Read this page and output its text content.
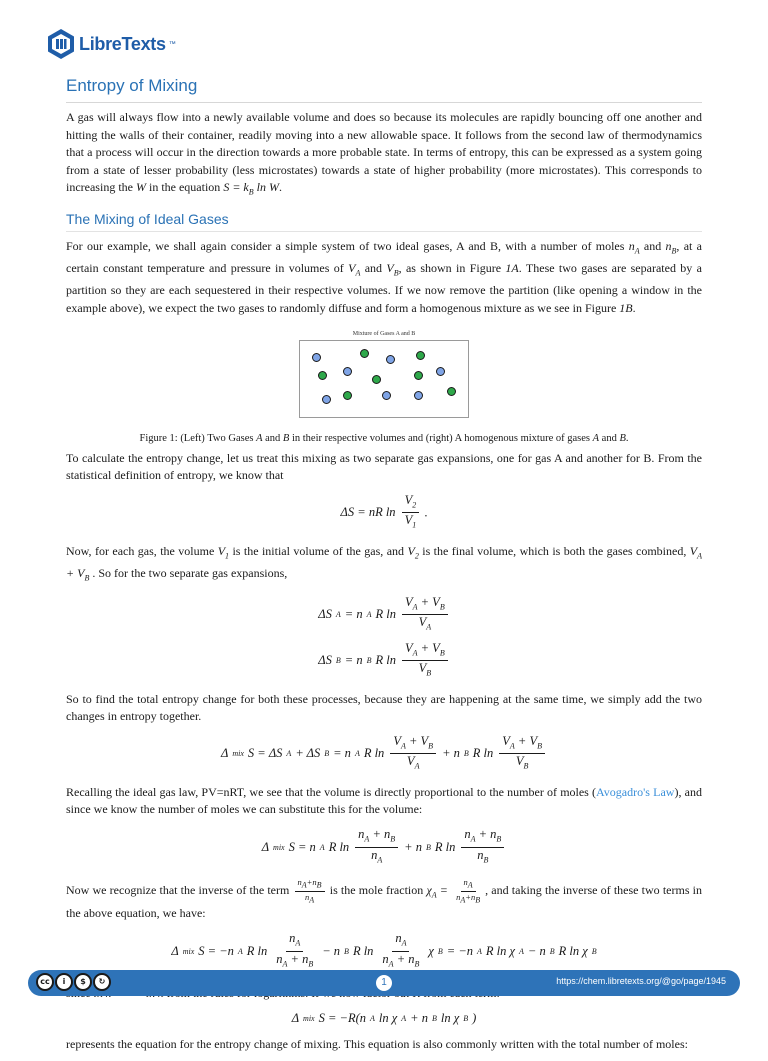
LibreTexts ™
Entropy of Mixing

A gas will always flow into a newly available volume and does so because its molecules are rapidly bouncing off one another and hitting the walls of their container, readily moving into a new allowable space. It follows from the second law of thermodynamics that a process will occur in the direction towards a more probable state. In terms of entropy, this can be expressed as a system going from a state of lesser probability (less microstates) towards a state of higher probability (more microstates). This corresponds to increasing the W in the equation $S = k_B$ ln W.

The Mixing of Ideal Gases

For our example, we shall again consider a simple system of two ideal gases, A and B, with a number of moles $n_A$ and $n_B$, at a certain constant temperature and pressure in volumes of $V_A$ and $V_B$, as shown in Figure 1A. These two gases are separated by a partition so they are each sequestered in their respective volumes. If we now remove the partition (like opening a window in the example above), we expect the two gases to randomly diffuse and form a homogenous mixture as we see in Figure 1B.

Mixture of Gases A and B
Figure 1: (Left) Two Gases A and B in their respective volumes and (right) A homogenous mixture of gases A and B.

To calculate the entropy change, let us treat this mixing as two separate gas expansions, one for gas A and another for B. From the statistical definition of entropy, we know that

ΔS = nR $\ln \frac{V_2}{V_1}$ .

Now, for each gas, the volume $V_1$ is the initial volume of the gas, and $V_2$ is the final volume, which is both the gases combined, $V_A + V_B$ . So for the two separate gas expansions,

ΔS A = n A R $\ln \frac{V_A + V_B}{V_A}$
ΔS B = n B R $\ln \frac{V_A + V_B}{V_B}$

So to find the total entropy change for both these processes, because they are happening at the same time, we simply add the two changes in entropy together.

Δ mix S = ΔS A + ΔS B = n A R $\ln \frac{V_A + V_B}{V_A} + n$ B R $\ln \frac{V_A + V_B}{V_B}$

Recalling the ideal gas law, PV=nRT, we see that the volume is directly proportional to the number of moles (Avogadro's Law), and since we know the number of moles we can substitute this for the volume:

Δ mix S = n A R $\ln \frac{n_A + n_B}{n_A} + n$ B R $\ln \frac{n_A + n_B}{n_B}$

Now we recognize that the inverse of the term $\frac{n_A+n_B}{n_A}$ is the mole fraction $\chi_A = \frac{n_A}{n_A+n_B}$ , and taking the inverse of these two terms in the above equation, we have:

Δ mix S = −n A R $\ln \frac{n_A}{n_A + n_B} - n$ B R $\ln \frac{n_A}{n_A + n_B}$ χ B = −n A R ln χ A − n B R ln χ B

Δ mix S = −R(n A ln χ A + n B ln χ B )

represents the equation for the entropy change of mixing. This equation is also commonly written with the total number of moles:

cc	i	$	↻	1	https://chem.libretexts.org/@go/page/1945
